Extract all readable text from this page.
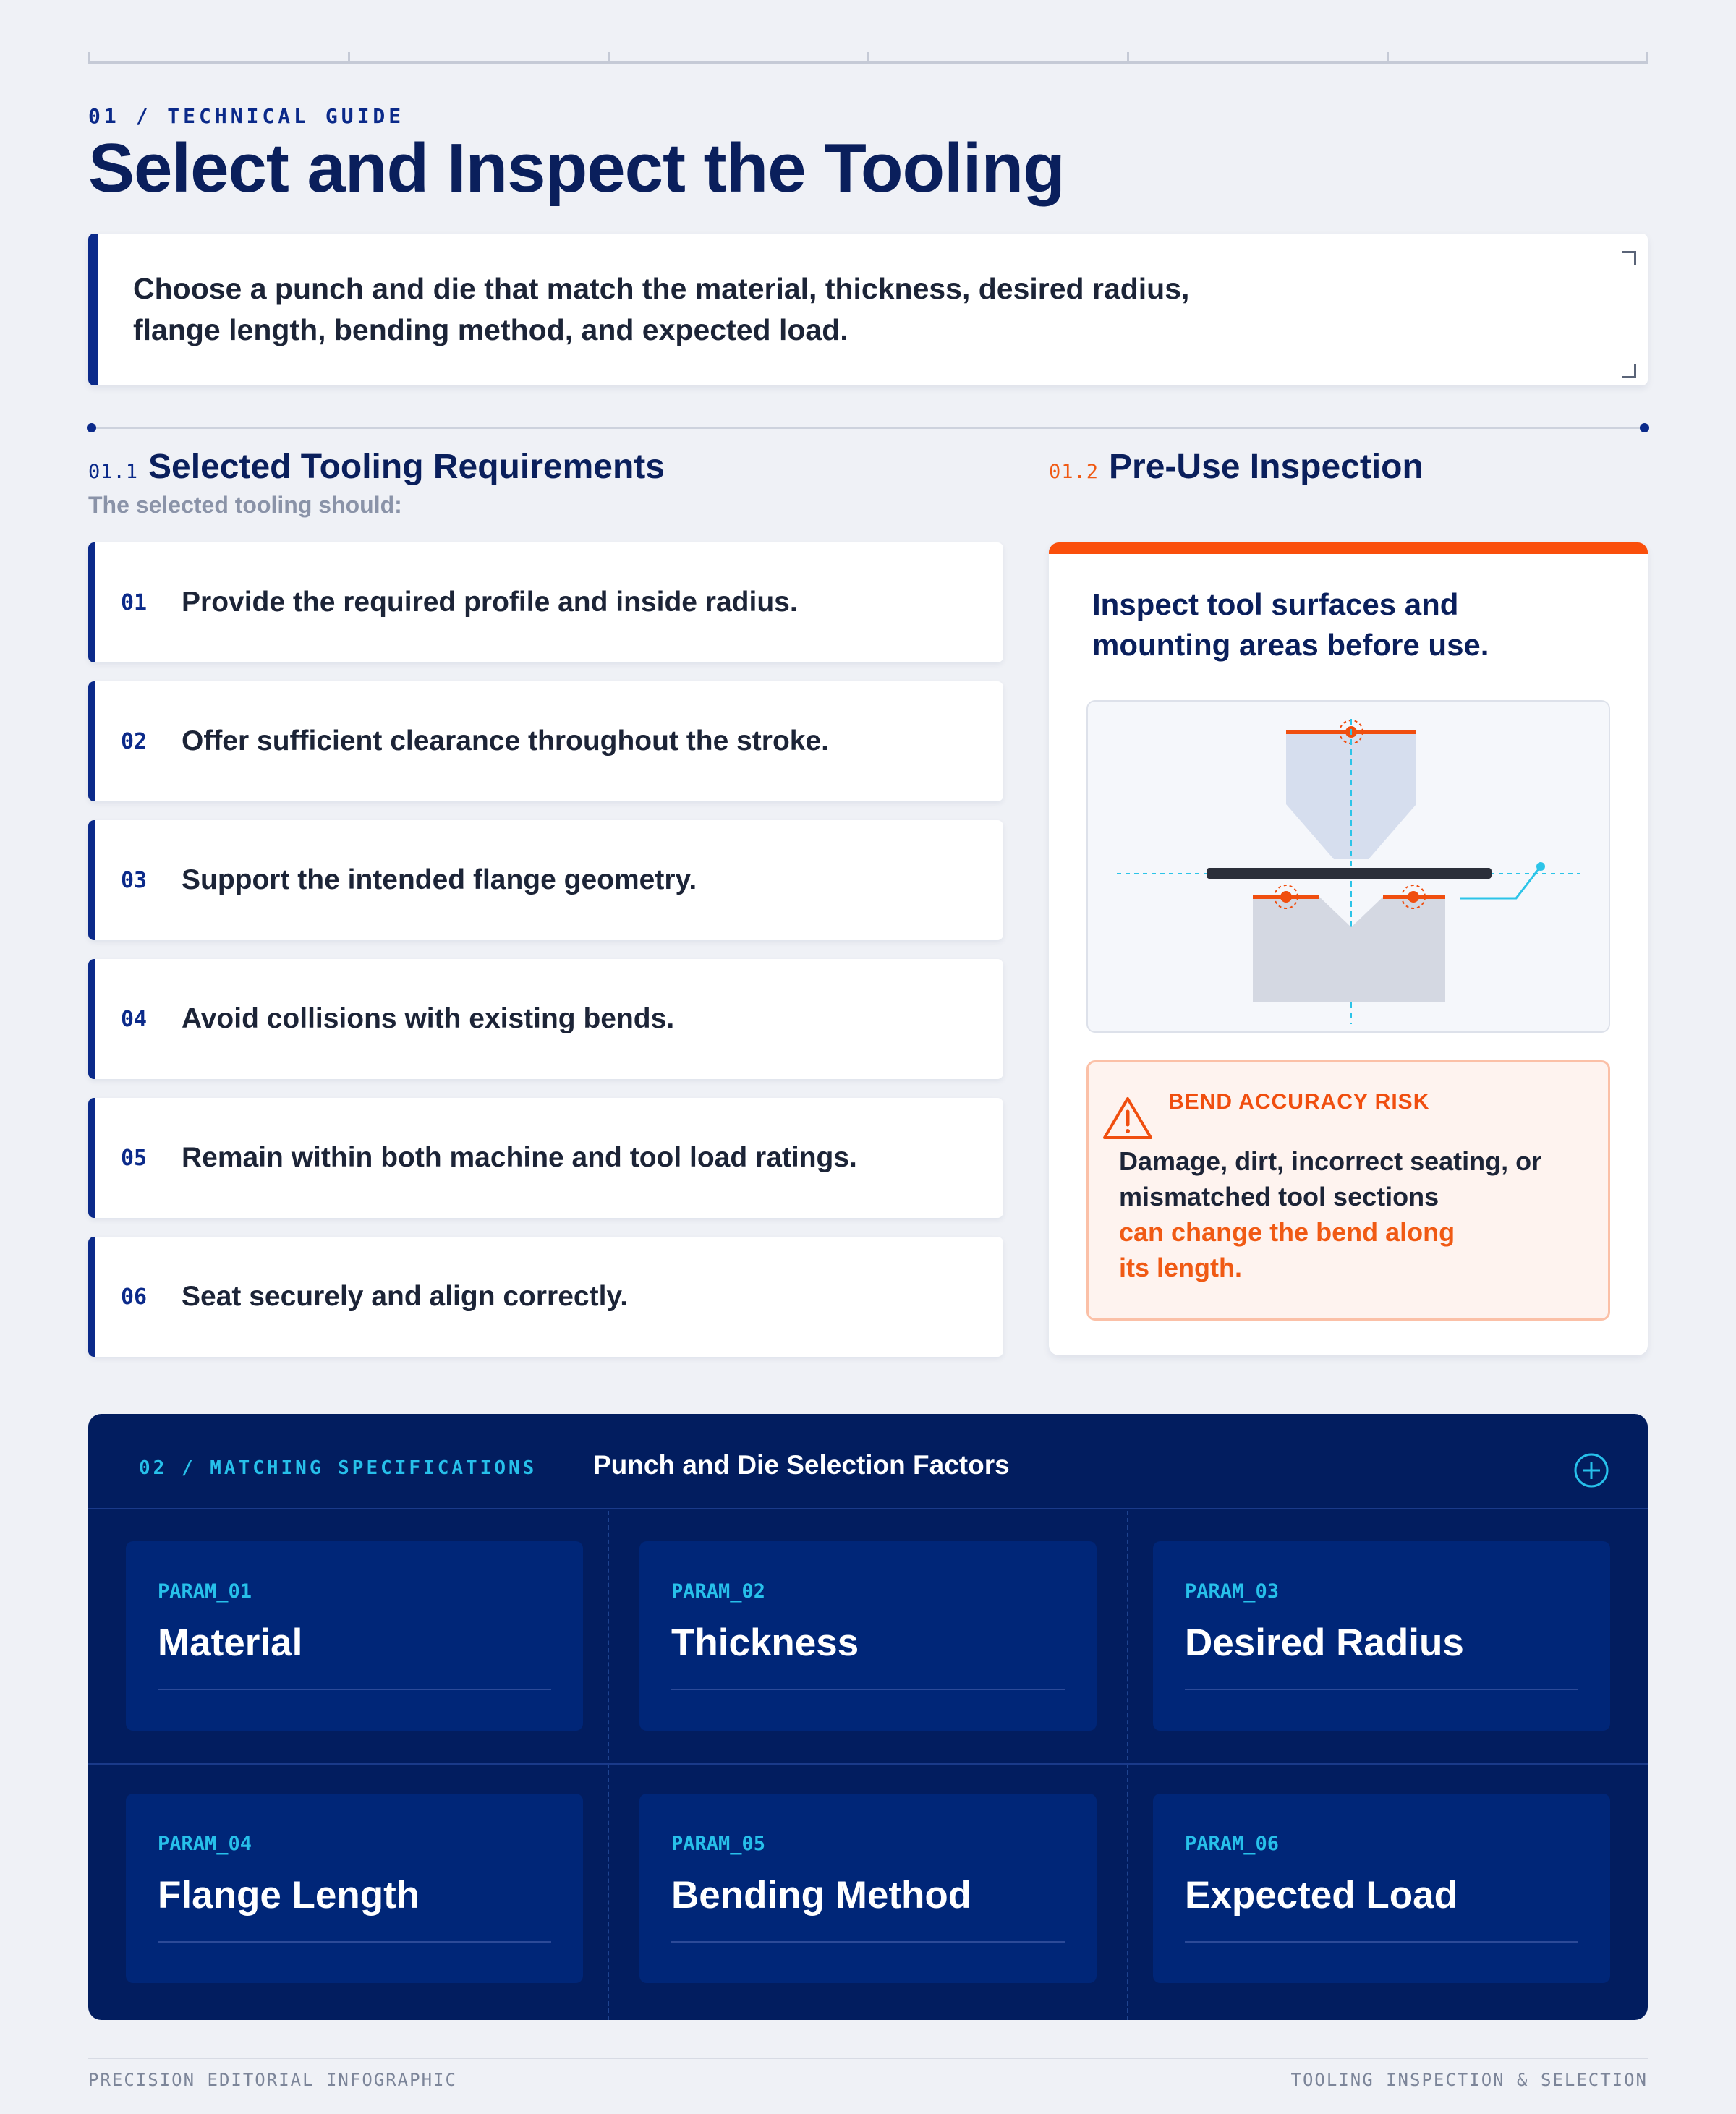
01 / TECHNICAL GUIDE
Select and Inspect the Tooling

Choose a punch and die that match the material, thickness, desired radius, flange length, bending method, and expected load.

01.1 Selected Tooling Requirements
The selected tooling should:
01	Provide the required profile and inside radius.
02	Offer sufficient clearance throughout the stroke.
03	Support the intended flange geometry.
04	Avoid collisions with existing bends.
05	Remain within both machine and tool load ratings.
06	Seat securely and align correctly.
01.2 Pre-Use Inspection
Inspect tool surfaces and mounting areas before use.
BEND ACCURACY RISK
Damage, dirt, incorrect seating, or mismatched tool sections
can change the bend along its length.
02 / MATCHING SPECIFICATIONS Punch and Die Selection Factors
PARAM_01
Material
PARAM_02
Thickness
PARAM_03
Desired Radius
PARAM_04
Flange Length
PARAM_05
Bending Method
PARAM_06
Expected Load
PRECISION EDITORIAL INFOGRAPHIC	TOOLING INSPECTION & SELECTION
